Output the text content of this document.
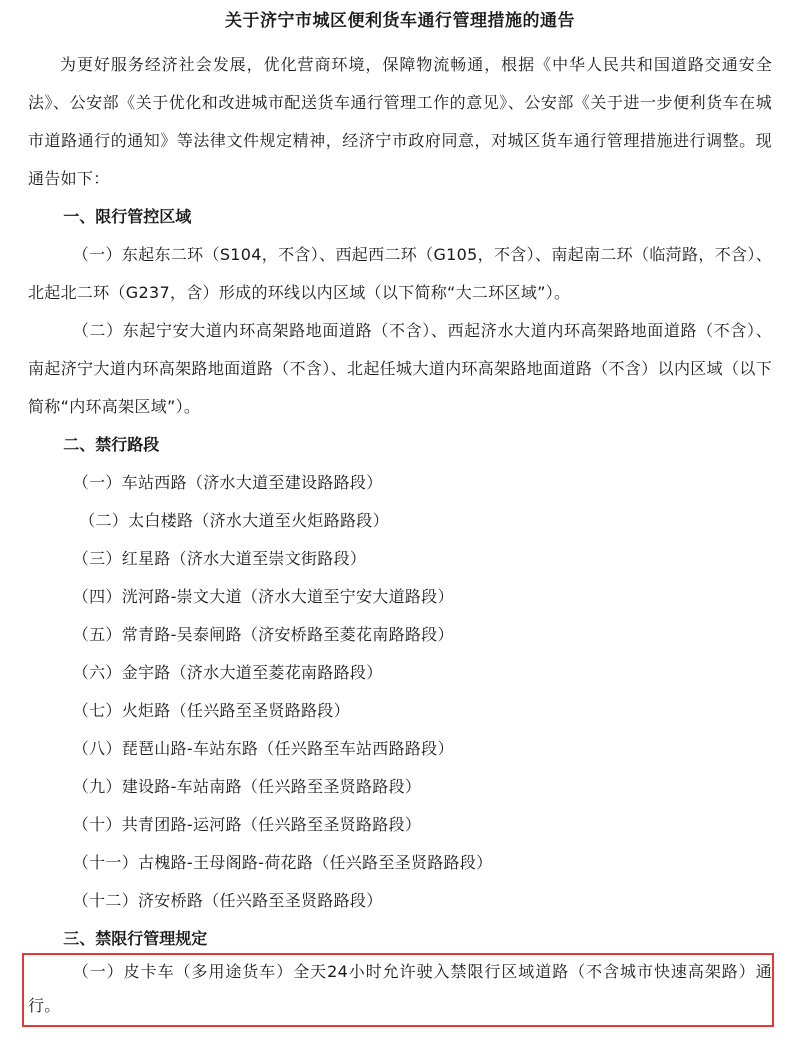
关于济宁市城区便利货车通行管理措施的通告

为更好服务经济社会发展，优化营商环境，保障物流畅通，根据《中华人民共和国道路交通安全法》、公安部《关于优化和改进城市配送货车通行管理工作的意见》、公安部《关于进一步便利货车在城市道路通行的通知》等法律文件规定精神，经济宁市政府同意，对城区货车通行管理措施进行调整。现通告如下：

一、限行管控区域

（一）东起东二环（S104，不含）、西起西二环（G105，不含）、南起南二环（临菏路，不含）、北起北二环（G237，含）形成的环线以内区域（以下简称“大二环区域”）。

（二）东起宁安大道内环高架路地面道路（不含）、西起济水大道内环高架路地面道路（不含）、南起济宁大道内环高架路地面道路（不含）、北起任城大道内环高架路地面道路（不含）以内区域（以下简称“内环高架区域”）。

二、禁行路段
（一）车站西路（济水大道至建设路路段）
（二）太白楼路（济水大道至火炬路路段）
（三）红星路（济水大道至崇文街路段）
（四）洸河路-崇文大道（济水大道至宁安大道路段）
（五）常青路-吴泰闸路（济安桥路至菱花南路路段）
（六）金宇路（济水大道至菱花南路路段）
（七）火炬路（任兴路至圣贤路路段）
（八）琵琶山路-车站东路（任兴路至车站西路路段）
（九）建设路-车站南路（任兴路至圣贤路路段）
（十）共青团路-运河路（任兴路至圣贤路路段）
（十一）古槐路-王母阁路-荷花路（任兴路至圣贤路路段）
（十二）济安桥路（任兴路至圣贤路路段）
三、禁限行管理规定

（一）皮卡车（多用途货车）全天24小时允许驶入禁限行区域道路（不含城市快速高架路）通行。
